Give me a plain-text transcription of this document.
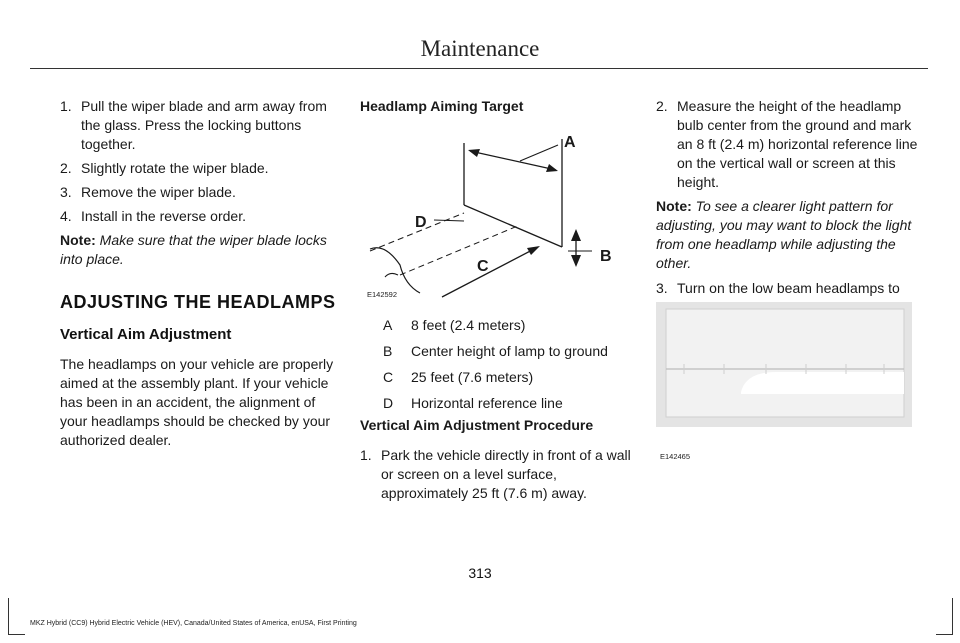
Maintenance
1. Pull the wiper blade and arm away from the glass. Press the locking buttons together.
2. Slightly rotate the wiper blade.
3. Remove the wiper blade.
4. Install in the reverse order.

Note: Make sure that the wiper blade locks into place.

ADJUSTING THE HEADLAMPS
Vertical Aim Adjustment

The headlamps on your vehicle are properly aimed at the assembly plant. If your vehicle has been in an accident, the alignment of your headlamps should be checked by your authorized dealer.

Headlamp Aiming Target
A
D
B
C
E142592
A	8 feet (2.4 meters)
B	Center height of lamp to ground
C	25 feet (7.6 meters)
D	Horizontal reference line
Vertical Aim Adjustment Procedure
1. Park the vehicle directly in front of a wall or screen on a level surface, approximately 25 ft (7.6 m) away.
2. Measure the height of the headlamp bulb center from the ground and mark an 8 ft (2.4 m) horizontal reference line on the vertical wall or screen at this height.

Note: To see a clearer light pattern for adjusting, you may want to block the light from one headlamp while adjusting the other.

3. Turn on the low beam headlamps to
E142465
313
MKZ Hybrid (CC9) Hybrid Electric Vehicle (HEV), Canada/United States of America, enUSA, First Printing
